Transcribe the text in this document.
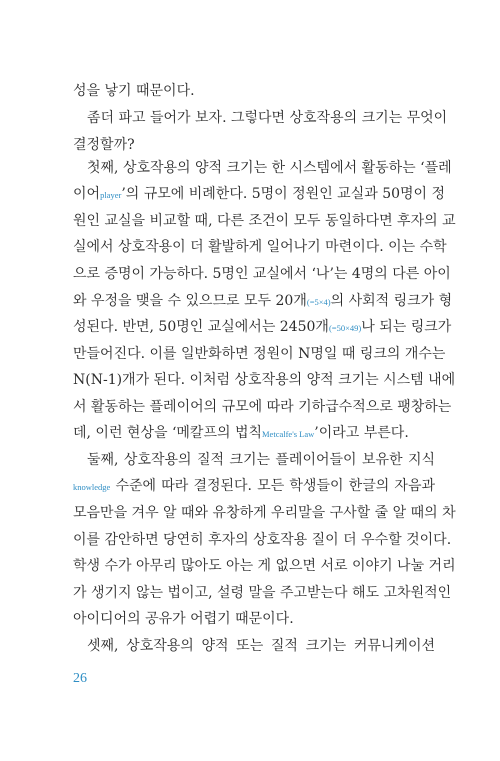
성을 낳기 때문이다.
좀더 파고 들어가 보자. 그렇다면 상호작용의 크기는 무엇이
결정할까?
첫째, 상호작용의 양적 크기는 한 시스템에서 활동하는 ‘플레
이어player’의 규모에 비례한다. 5명이 정원인 교실과 50명이 정
원인 교실을 비교할 때, 다른 조건이 모두 동일하다면 후자의 교
실에서 상호작용이 더 활발하게 일어나기 마련이다. 이는 수학
으로 증명이 가능하다. 5명인 교실에서 ‘나’는 4명의 다른 아이
와 우정을 맺을 수 있으므로 모두 20개(=5×4)의 사회적 링크가 형
성된다. 반면, 50명인 교실에서는 2450개(=50×49)나 되는 링크가
만들어진다. 이를 일반화하면 정원이 N명일 때 링크의 개수는
N(N-1)개가 된다. 이처럼 상호작용의 양적 크기는 시스템 내에
서 활동하는 플레이어의 규모에 따라 기하급수적으로 팽창하는
데, 이런 현상을 ‘메칼프의 법칙Metcalfe's Law’이라고 부른다.
둘째, 상호작용의 질적 크기는 플레이어들이 보유한 지식
knowledge 수준에 따라 결정된다. 모든 학생들이 한글의 자음과
모음만을 겨우 알 때와 유창하게 우리말을 구사할 줄 알 때의 차
이를 감안하면 당연히 후자의 상호작용 질이 더 우수할 것이다.
학생 수가 아무리 많아도 아는 게 없으면 서로 이야기 나눌 거리
가 생기지 않는 법이고, 설령 말을 주고받는다 해도 고차원적인
아이디어의 공유가 어렵기 때문이다.
셋째, 상호작용의 양적 또는 질적 크기는 커뮤니케이션
26
